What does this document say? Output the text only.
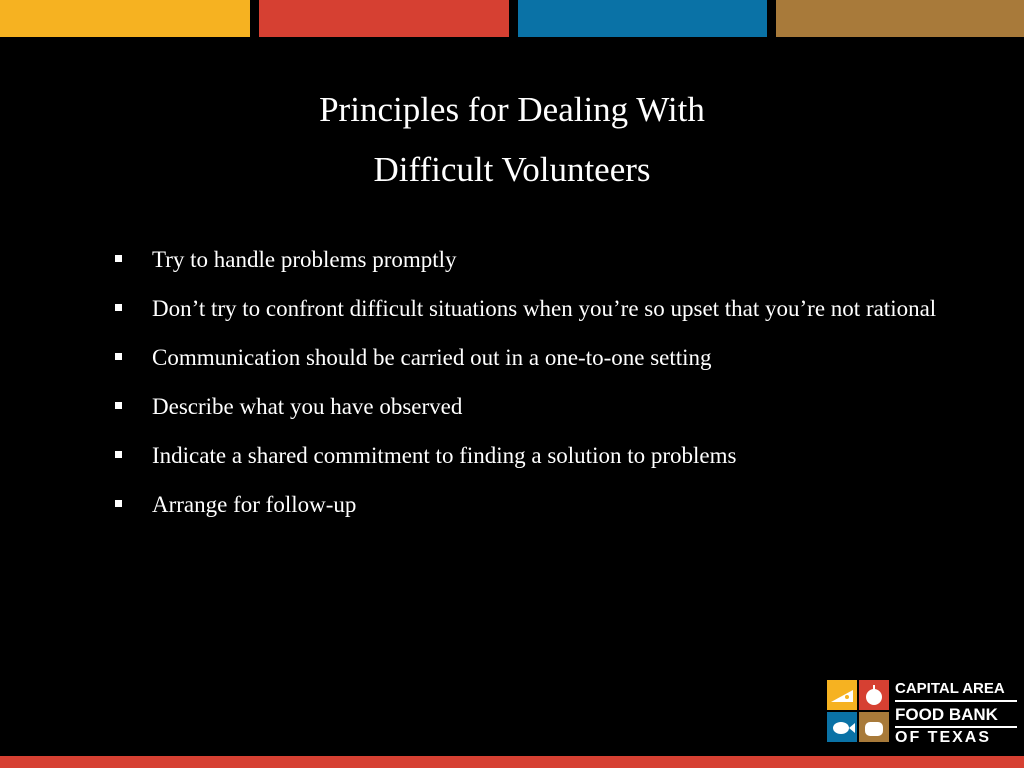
Principles for Dealing With
Difficult Volunteers
Try to handle problems promptly
Don’t try to confront difficult situations when you’re so upset that you’re not rational
Communication should be carried out in a one-to-one setting
Describe what you have observed
Indicate a shared commitment to finding a solution to problems
Arrange for follow-up
CAPITAL AREA
FOOD BANK
OF TEXAS
